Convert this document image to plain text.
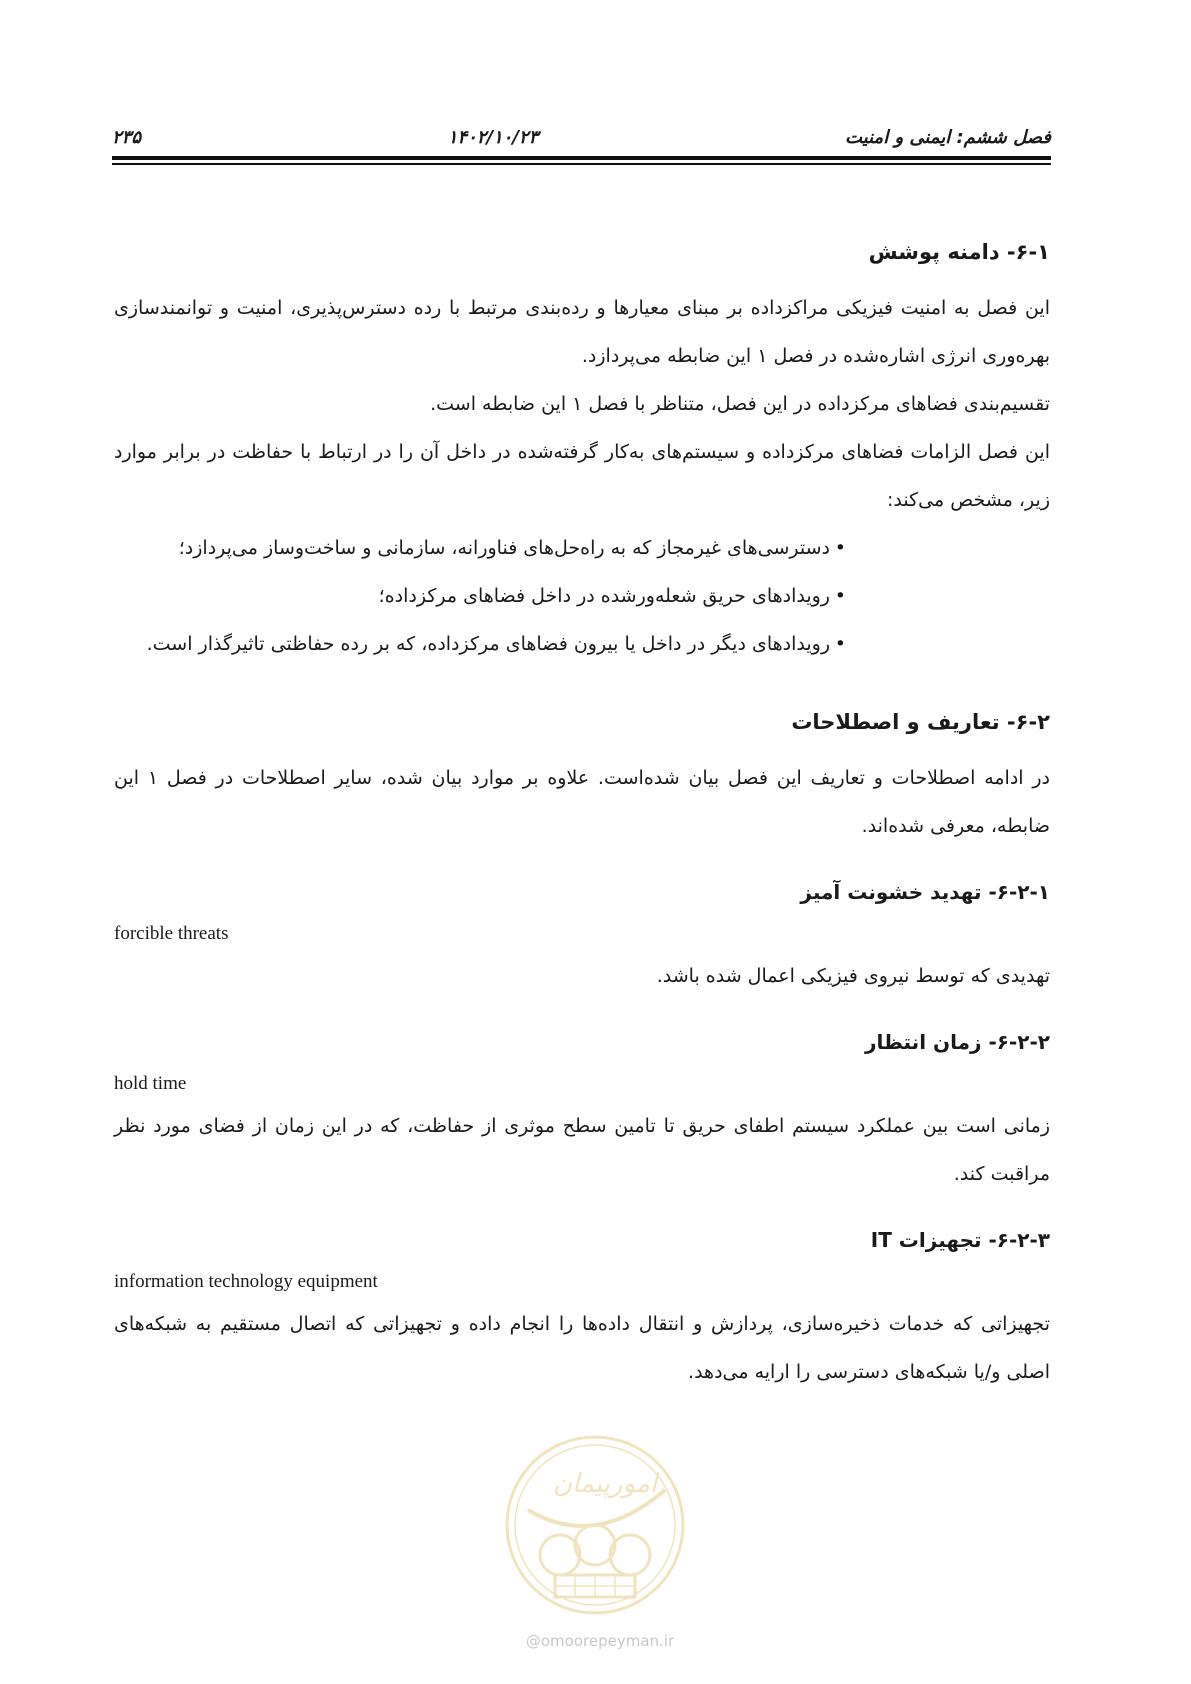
۲۳۵	۱۴۰۲/۱۰/۲۳	فصل ششم: ایمنی و امنیت
۶-۱- دامنه پوشش

این فصل به امنیت فیزیکی مراکزداده بر مبنای معیارها و رده‌بندی مرتبط با رده دسترس‌پذیری، امنیت و توانمندسازی بهره‌وری انرژی اشاره‌شده در فصل ۱ این ضابطه می‌پردازد.

تقسیم‌بندی فضاهای مرکزداده در این فصل، متناظر با فصل ۱ این ضابطه است.

این فصل الزامات فضاهای مرکزداده و سیستم‌های به‌کار گرفته‌شده در داخل آن را در ارتباط با حفاظت در برابر موارد زیر، مشخص می‌کند:

• دسترسی‌های غیرمجاز که به راه‌حل‌های فناورانه، سازمانی و ساخت‌وساز می‌پردازد؛
• رویدادهای حریق شعله‌ورشده در داخل فضاهای مرکزداده؛
• رویدادهای دیگر در داخل یا بیرون فضاهای مرکزداده، که بر رده حفاظتی تاثیرگذار است.
۶-۲- تعاریف و اصطلاحات

در ادامه اصطلاحات و تعاریف این فصل بیان شده‌است. علاوه بر موارد بیان شده، سایر اصطلاحات در فصل ۱ این ضابطه، معرفی شده‌اند.

۶-۲-۱- تهدید خشونت آمیز
forcible threats

تهدیدی که توسط نیروی فیزیکی اعمال شده باشد.

۶-۲-۲- زمان انتظار
hold time

زمانی است بین عملکرد سیستم اطفای حریق تا تامین سطح موثری از حفاظت، که در این زمان از فضای مورد نظر مراقبت کند.

۶-۲-۳- تجهیزات IT
information technology equipment

تجهیزاتی که خدمات ذخیره‌سازی، پردازش و انتقال داده‌ها را انجام داده و تجهیزاتی که اتصال مستقیم به شبکه‌های اصلی و/یا شبکه‌های دسترسی را ارایه می‌دهد.

امورپیمان
@omoorepeyman.ir
